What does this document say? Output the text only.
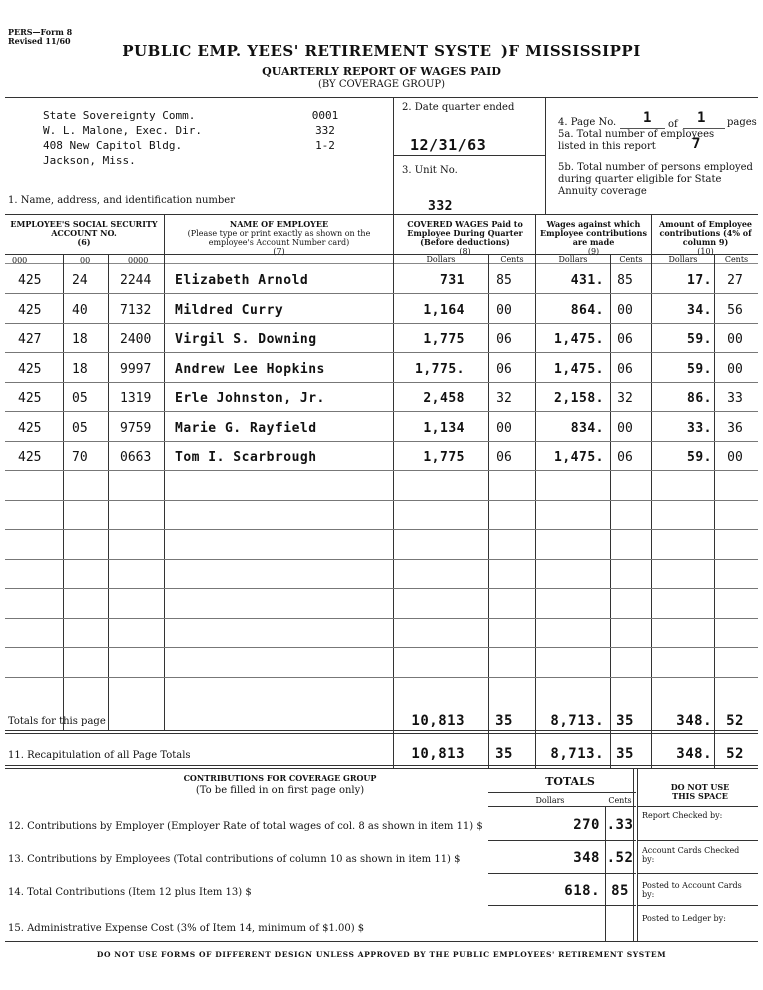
PERS—Form 8
Revised 11/60
PUBLIC EMP. YEES' RETIREMENT SYSTE  )F MISSISSIPPI
QUARTERLY REPORT OF WAGES PAID
(BY COVERAGE GROUP)
State Sovereignty Comm.
W. L. Malone, Exec. Dir.
408 New Capitol Bldg.
Jackson, Miss.
0001
332
1-2
1. Name, address, and identification number
2. Date quarter ended
12/31/63
3. Unit No.
332
4. Page No. 1 of 1 pages
5a. Total number of employees listed in this report	7
5b. Total number of persons employed during quarter eligible for State Annuity coverage
EMPLOYEE'S SOCIAL SECURITY ACCOUNT NO.
(6)
000	00	0000
NAME OF EMPLOYEE
(Please type or print exactly as shown on the employee's Account Number card)
(7)
COVERED WAGES Paid to Employee During Quarter (Before deductions)
(8)
Wages against which Employee contributions are made
(9)
Amount of Employee contributions (4% of column 9)
(10)
Dollars	Cents	Dollars	Cents	Dollars	Cents
425	24	2244	Elizabeth Arnold	731	85	431.	85	17.	27
425	40	7132	Mildred Curry	1,164	00	864.	00	34.	56
427	18	2400	Virgil S. Downing	1,775	06	1,475.	06	59.	00
425	18	9997	Andrew Lee Hopkins	1,775.	06	1,475.	06	59.	00
425	05	1319	Erle Johnston, Jr.	2,458	32	2,158.	32	86.	33
425	05	9759	Marie G. Rayfield	1,134	00	834.	00	33.	36
425	70	0663	Tom I. Scarbrough	1,775	06	1,475.	06	59.	00
Totals for this page
11. Recapitulation of all Page Totals
10,813	35	8,713. 35	348.	52
10,813	35	8,713. 35	348.	52
CONTRIBUTIONS FOR COVERAGE GROUP
(To be filled in on first page only)
TOTALS
Dollars	Cents
12. Contributions by Employer (Employer Rate of total wages of col. 8 as shown in item 11) $	270 .33
13. Contributions by Employees (Total contributions of column 10 as shown in item 11) $	348 .52
14. Total Contributions (Item 12 plus Item 13) $	618. 85
15. Administrative Expense Cost (3% of Item 14, minimum of $1.00) $
DO NOT USE THIS SPACE
Report Checked by:
Account Cards Checked by:
Posted to Account Cards by:
Posted to Ledger by:
DO NOT USE FORMS OF DIFFERENT DESIGN UNLESS APPROVED BY THE PUBLIC EMPLOYEES' RETIREMENT SYSTEM
